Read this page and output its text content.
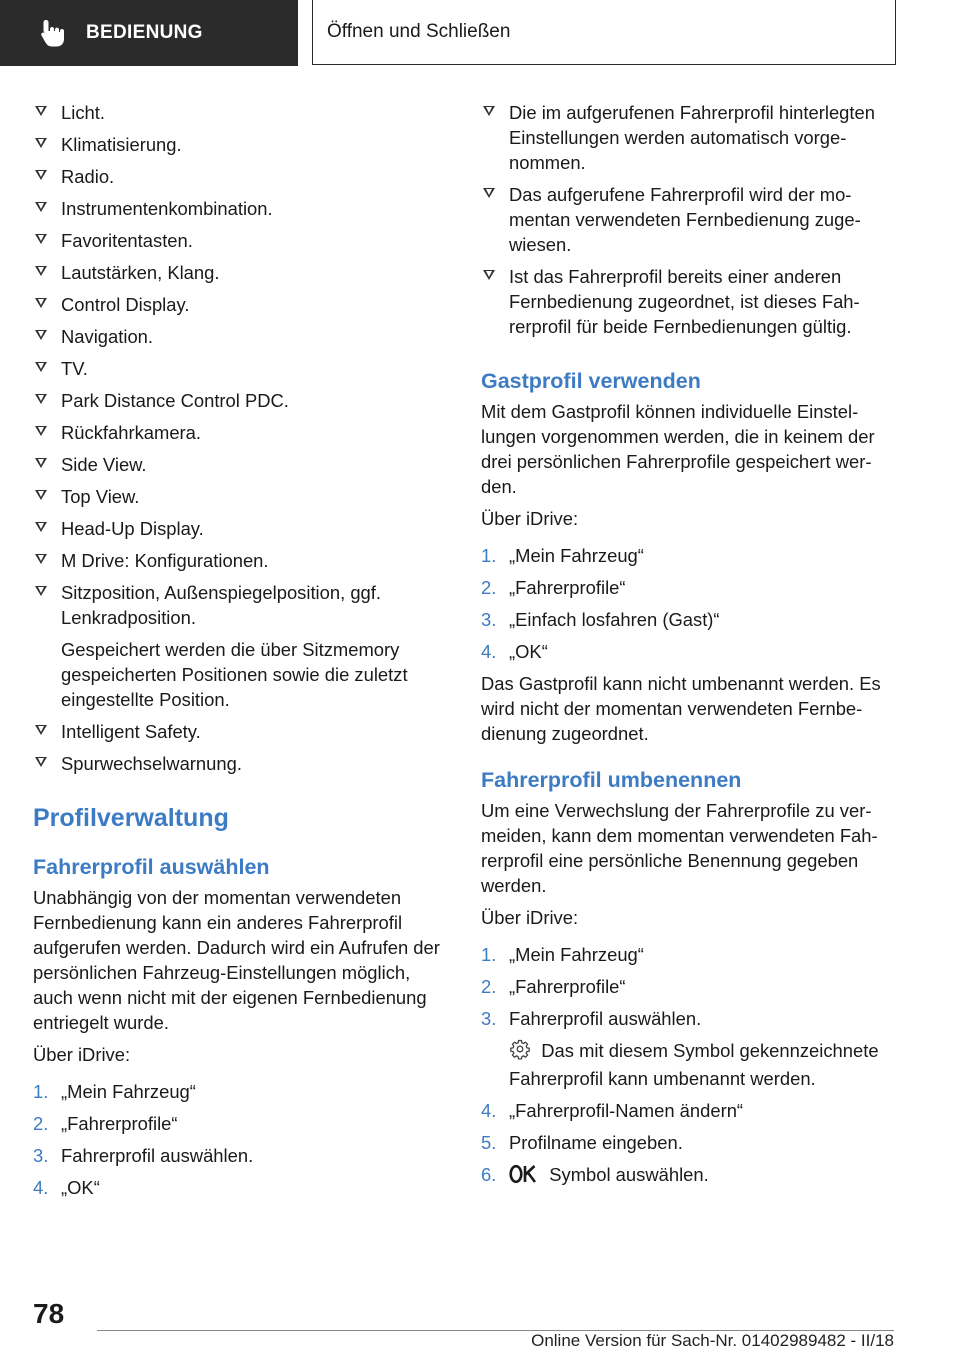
BEDIENUNG	Öffnen und Schließen
Licht.
Klimatisierung.
Radio.
Instrumentenkombination.
Favoritentasten.
Lautstärken, Klang.
Control Display.
Navigation.
TV.
Park Distance Control PDC.
Rückfahrkamera.
Side View.
Top View.
Head-Up Display.
M Drive: Konfigurationen.
Sitzposition, Außenspiegelposition, ggf. Lenkradposition.
Gespeichert werden die über Sitzmemory gespeicherten Positionen sowie die zuletzt eingestellte Position.
Intelligent Safety.
Spurwechselwarnung.
Profilverwaltung
Fahrerprofil auswählen
Unabhängig von der momentan verwendeten Fernbedienung kann ein anderes Fahrerprofil aufgerufen werden. Dadurch wird ein Aufrufen der persönlichen Fahrzeug-Einstellungen möglich, auch wenn nicht mit der eigenen Fernbedienung entriegelt wurde.
Über iDrive:
1. „Mein Fahrzeug“
2. „Fahrerprofile“
3. Fahrerprofil auswählen.
4. „OK“
Die im aufgerufenen Fahrerprofil hinterlegten Einstellungen werden automatisch vorgenommen.
Das aufgerufene Fahrerprofil wird der momentan verwendeten Fernbedienung zugewiesen.
Ist das Fahrerprofil bereits einer anderen Fernbedienung zugeordnet, ist dieses Fahrerprofil für beide Fernbedienungen gültig.
Gastprofil verwenden
Mit dem Gastprofil können individuelle Einstellungen vorgenommen werden, die in keinem der drei persönlichen Fahrerprofile gespeichert werden.
Über iDrive:
1. „Mein Fahrzeug“
2. „Fahrerprofile“
3. „Einfach losfahren (Gast)“
4. „OK“
Das Gastprofil kann nicht umbenannt werden. Es wird nicht der momentan verwendeten Fernbedienung zugeordnet.
Fahrerprofil umbenennen
Um eine Verwechslung der Fahrerprofile zu vermeiden, kann dem momentan verwendeten Fahrerprofil eine persönliche Benennung gegeben werden.
Über iDrive:
1. „Mein Fahrzeug“
2. „Fahrerprofile“
3. Fahrerprofil auswählen.
Das mit diesem Symbol gekennzeichnete Fahrerprofil kann umbenannt werden.
4. „Fahrerprofil-Namen ändern“
5. Profilname eingeben.
6.	Symbol auswählen.
78
Online Version für Sach-Nr. 01402989482 - II/18
